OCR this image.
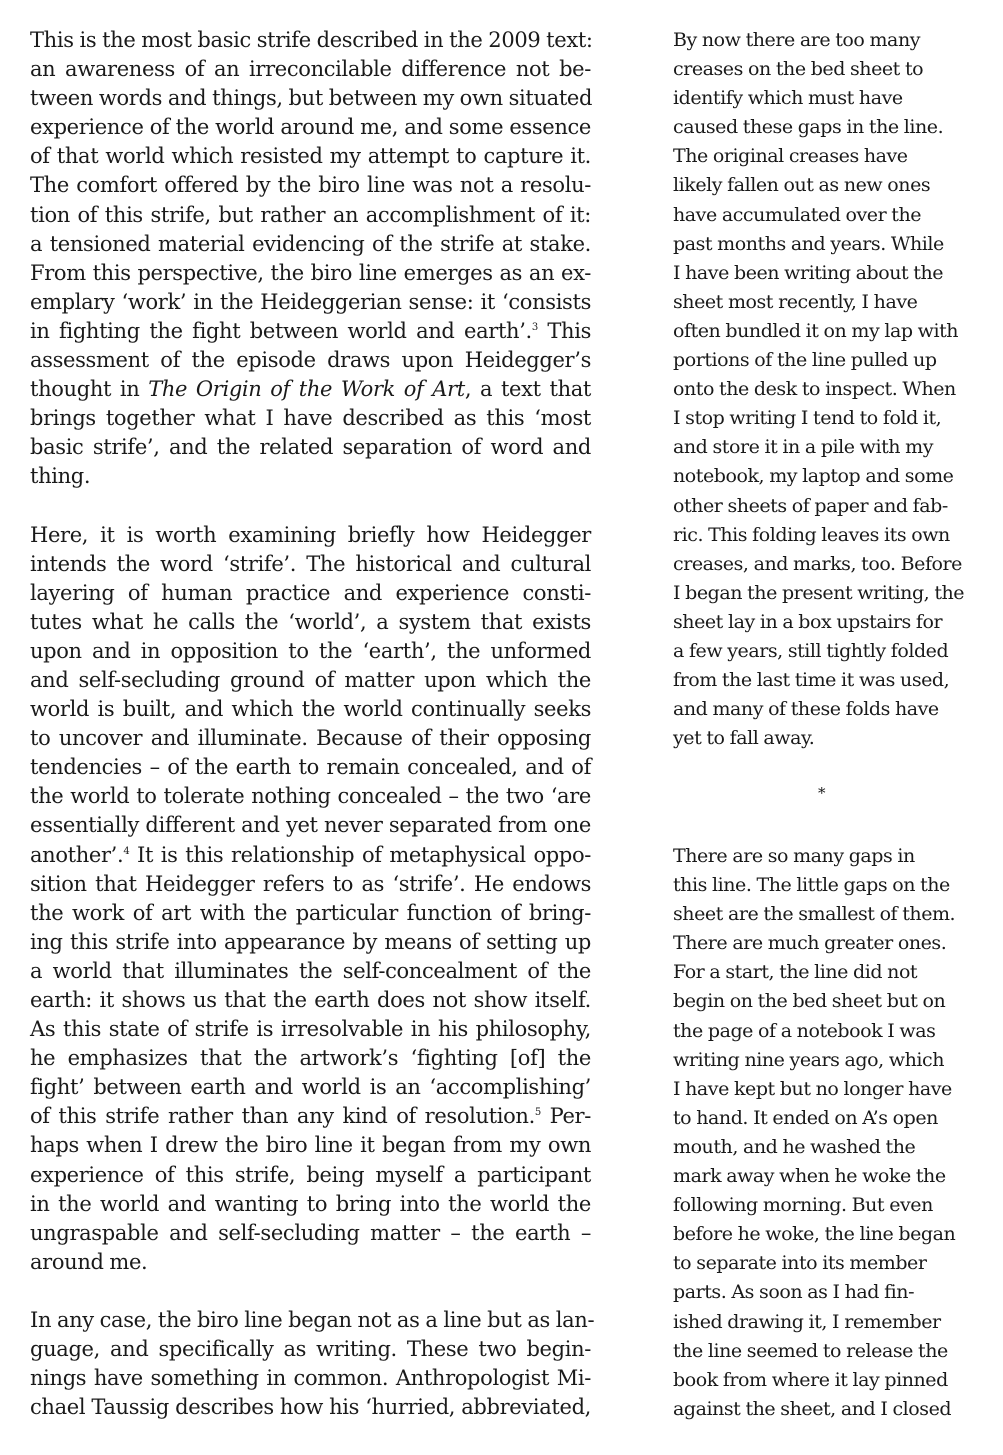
This is the most basic strife described in the 2009 text:
an awareness of an irreconcilable difference not be-
tween words and things, but between my own situated
experience of the world around me, and some essence
of that world which resisted my attempt to capture it.
The comfort offered by the biro line was not a resolu-
tion of this strife, but rather an accomplishment of it:
a tensioned material evidencing of the strife at stake.
From this perspective, the biro line emerges as an ex-
emplary ‘work’ in the Heideggerian sense: it ‘consists
in fighting the fight between world and earth’.$^3$ This
assessment of the episode draws upon Heidegger’s
thought in The Origin of the Work of Art, a text that
brings together what I have described as this ‘most
basic strife’, and the related separation of word and
thing.
Here, it is worth examining briefly how Heidegger
intends the word ‘strife’. The historical and cultural
layering of human practice and experience consti-
tutes what he calls the ‘world’, a system that exists
upon and in opposition to the ‘earth’, the unformed
and self-secluding ground of matter upon which the
world is built, and which the world continually seeks
to uncover and illuminate. Because of their opposing
tendencies – of the earth to remain concealed, and of
the world to tolerate nothing concealed – the two ‘are
essentially different and yet never separated from one
another’.$^4$ It is this relationship of metaphysical oppo-
sition that Heidegger refers to as ‘strife’. He endows
the work of art with the particular function of bring-
ing this strife into appearance by means of setting up
a world that illuminates the self-concealment of the
earth: it shows us that the earth does not show itself.
As this state of strife is irresolvable in his philosophy,
he emphasizes that the artwork’s ‘fighting [of] the
fight’ between earth and world is an ‘accomplishing’
of this strife rather than any kind of resolution.$^5$ Per-
haps when I drew the biro line it began from my own
experience of this strife, being myself a participant
in the world and wanting to bring into the world the
ungraspable and self-secluding matter – the earth –
around me.
In any case, the biro line began not as a line but as lan-
guage, and specifically as writing. These two begin-
nings have something in common. Anthropologist Mi-
chael Taussig describes how his ‘hurried, abbreviated,
By now there are too many
creases on the bed sheet to
identify which must have
caused these gaps in the line.
The original creases have
likely fallen out as new ones
have accumulated over the
past months and years. While
I have been writing about the
sheet most recently, I have
often bundled it on my lap with
portions of the line pulled up
onto the desk to inspect. When
I stop writing I tend to fold it,
and store it in a pile with my
notebook, my laptop and some
other sheets of paper and fab-
ric. This folding leaves its own
creases, and marks, too. Before
I began the present writing, the
sheet lay in a box upstairs for
a few years, still tightly folded
from the last time it was used,
and many of these folds have
yet to fall away.
*
There are so many gaps in
this line. The little gaps on the
sheet are the smallest of them.
There are much greater ones.
For a start, the line did not
begin on the bed sheet but on
the page of a notebook I was
writing nine years ago, which
I have kept but no longer have
to hand. It ended on A’s open
mouth, and he washed the
mark away when he woke the
following morning. But even
before he woke, the line began
to separate into its member
parts. As soon as I had fin-
ished drawing it, I remember
the line seemed to release the
book from where it lay pinned
against the sheet, and I closed
